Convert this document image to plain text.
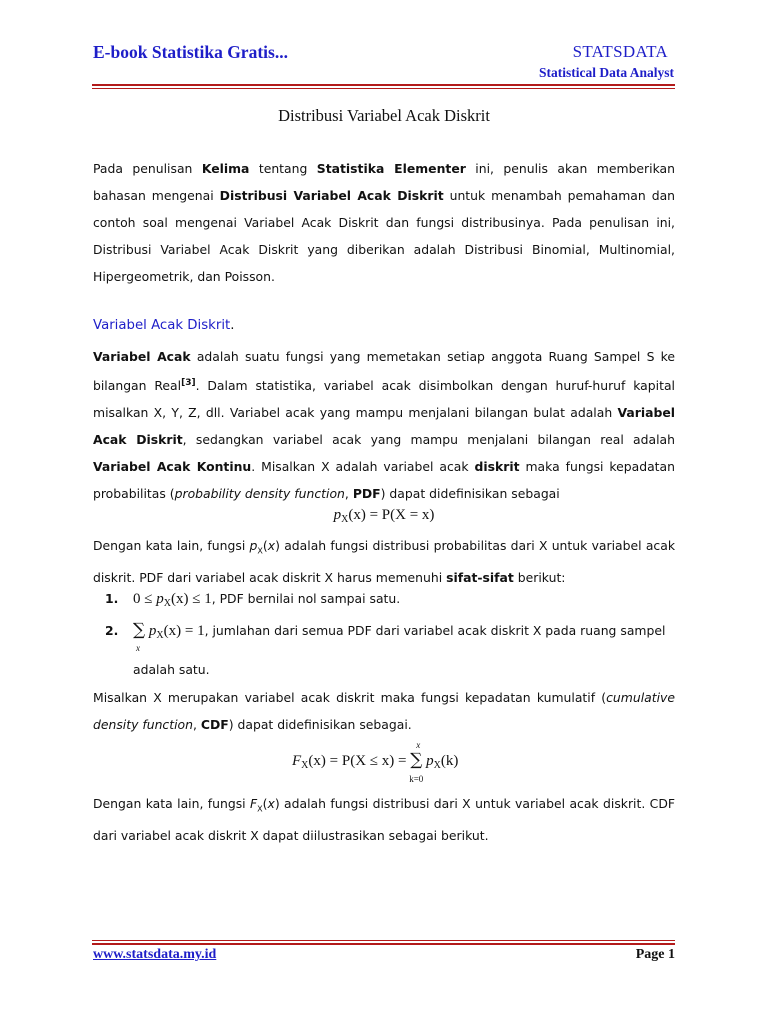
E-book Statistika Gratis...	STATSDATA
Statistical Data Analyst
Distribusi Variabel Acak Diskrit

Pada penulisan Kelima tentang Statistika Elementer ini, penulis akan memberikan bahasan mengenai Distribusi Variabel Acak Diskrit untuk menambah pemahaman dan contoh soal mengenai Variabel Acak Diskrit dan fungsi distribusinya. Pada penulisan ini, Distribusi Variabel Acak Diskrit yang diberikan adalah Distribusi Binomial, Multinomial, Hipergeometrik, dan Poisson.

Variabel Acak Diskrit.

Variabel Acak adalah suatu fungsi yang memetakan setiap anggota Ruang Sampel S ke bilangan Real[3]. Dalam statistika, variabel acak disimbolkan dengan huruf-huruf kapital misalkan X, Y, Z, dll. Variabel acak yang mampu menjalani bilangan bulat adalah Variabel Acak Diskrit, sedangkan variabel acak yang mampu menjalani bilangan real adalah Variabel Acak Kontinu. Misalkan X adalah variabel acak diskrit maka fungsi kepadatan probabilitas (probability density function, PDF) dapat didefinisikan sebagai

$p_X(x) = P(X = x)$

Dengan kata lain, fungsi $p_X(x)$ adalah fungsi distribusi probabilitas dari X untuk variabel acak diskrit. PDF dari variabel acak diskrit X harus memenuhi sifat-sifat berikut:

1. $0 \le p_X(x) \le 1$, PDF bernilai nol sampai satu.
2. ∑
x
$p_X(x) = 1$, jumlahan dari semua PDF dari variabel acak diskrit X pada ruang sampel
adalah satu.

Misalkan X merupakan variabel acak diskrit maka fungsi kepadatan kumulatif (cumulative density function, CDF) dapat didefinisikan sebagai.

$F_X(x) = P(X \le x)$ =
x
∑
k=0
$p_X(k)$

Dengan kata lain, fungsi $F_X(x)$ adalah fungsi distribusi dari X untuk variabel acak diskrit. CDF dari variabel acak diskrit X dapat diilustrasikan sebagai berikut.

www.statsdata.my.id	Page 1
